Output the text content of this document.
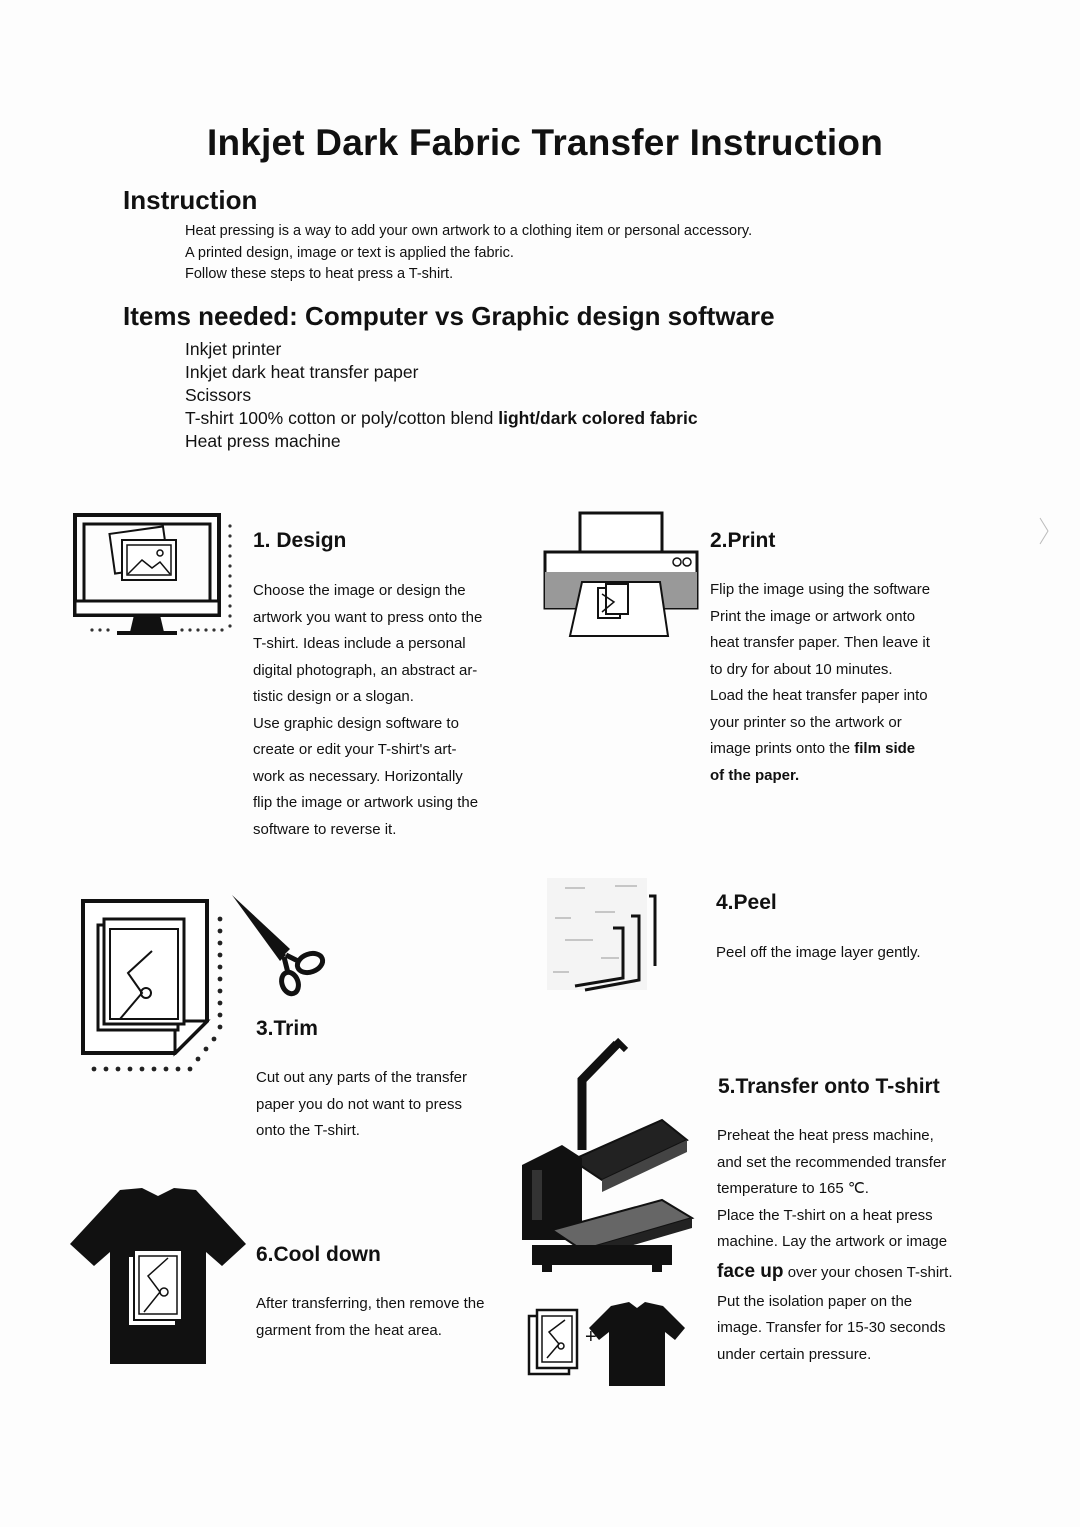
Inkjet Dark Fabric Transfer Instruction
Instruction

Heat pressing is a way to add your own artwork to a clothing item or personal accessory.

A printed design, image or text is applied the fabric.

Follow these steps to heat press a T-shirt.

Items needed: Computer vs Graphic design software

Inkjet printer

Inkjet dark heat transfer paper

Scissors

T-shirt 100% cotton or poly/cotton blend light/dark colored fabric

Heat press machine

1. Design

Choose the image or design the

artwork you want to press onto the

T-shirt. Ideas include a personal

digital photograph, an abstract ar-

tistic design or a slogan.

Use graphic design software to

create or edit your T-shirt's art-

work as necessary. Horizontally

flip the image or artwork using the

software to reverse it.

2.Print

Flip the image using the software

Print the image or artwork onto

heat transfer paper. Then leave it

to dry for about 10 minutes.

Load the heat transfer paper into

your printer so the artwork or

image prints onto the film side

of the paper.

3.Trim

Cut out any parts of the transfer

paper you do not want to press

onto the T-shirt.

4.Peel

Peel off the image layer gently.

+
5.Transfer onto T-shirt

Preheat the heat press machine,

and set the recommended transfer

temperature to 165 ℃.

Place the T-shirt on a heat press

machine. Lay the artwork or image

face up over your chosen T-shirt.

Put the isolation paper on the

image. Transfer for 15-30 seconds

under certain pressure.

6.Cool down

After transferring, then remove the

garment from the heat area.
